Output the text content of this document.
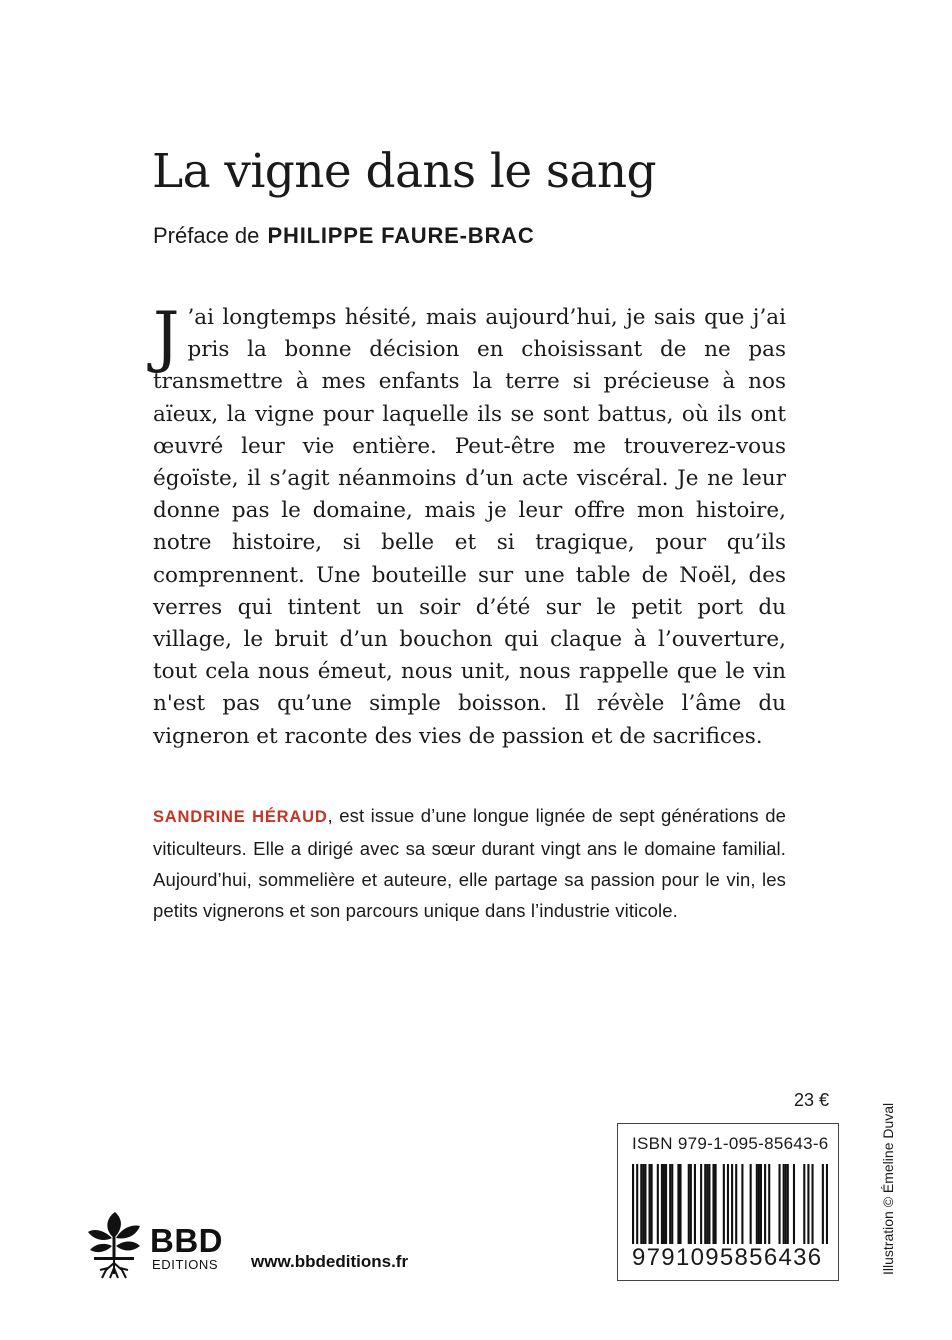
La vigne dans le sang
Préface de PHILIPPE FAURE-BRAC

J ’ai longtemps hésité, mais aujourd’hui, je sais que j’ai pris la bonne décision en choisissant de ne pas transmettre à mes enfants la terre si précieuse à nos aïeux, la vigne pour laquelle ils se sont battus, où ils ont œuvré leur vie entière. Peut-être me trouverez-vous égoïste, il s’agit néanmoins d’un acte viscéral. Je ne leur donne pas le domaine, mais je leur offre mon histoire, notre histoire, si belle et si tragique, pour qu’ils comprennent. Une bouteille sur une table de Noël, des verres qui tintent un soir d’été sur le petit port du village, le bruit d’un bouchon qui claque à l’ouverture, tout cela nous émeut, nous unit, nous rappelle que le vin n'est pas qu’une simple boisson. Il révèle l’âme du vigneron et raconte des vies de passion et de sacrifices.

SANDRINE HÉRAUD, est issue d’une longue lignée de sept générations de viticulteurs. Elle a dirigé avec sa sœur durant vingt ans le domaine familial. Aujourd’hui, sommelière et auteure, elle partage sa passion pour le vin, les petits vignerons et son parcours unique dans l’industrie viticole.

23 €
ISBN 979-1-095-85643-6
9791095856436	Illustration © Émeline Duval
BBD
EDITIONS www.bbdeditions.fr
